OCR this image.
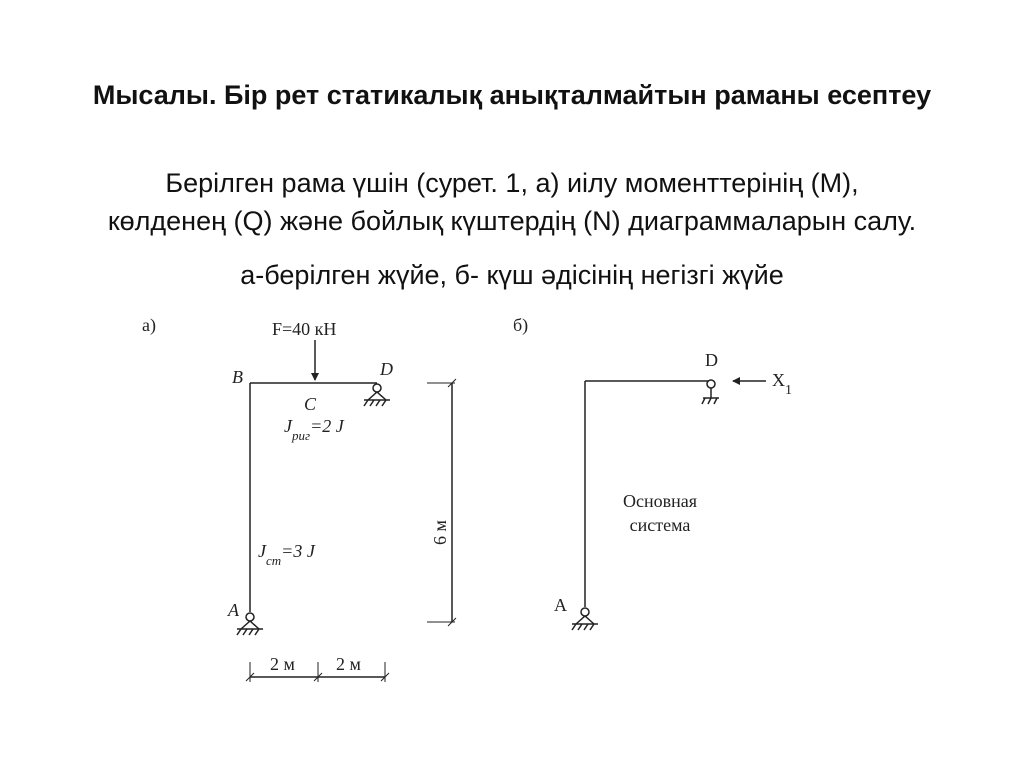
Мысалы. Бір рет статикалық анықталмайтын раманы есептеу
Берілген рама үшін (сурет. 1, а) иілу моменттерінің (М),
көлденең (Q) және бойлық күштердің (N) диаграммаларын салу.
а-берілген жүйе, б- күш әдісінің негізгі жүйе
а)	F=40 кН
B	D
C
A
$J_{риг}=2$ J
$J_{ст}=3$ J
6 м
2 м 2 м
б)
D
A
$X_1$
Основная
система
